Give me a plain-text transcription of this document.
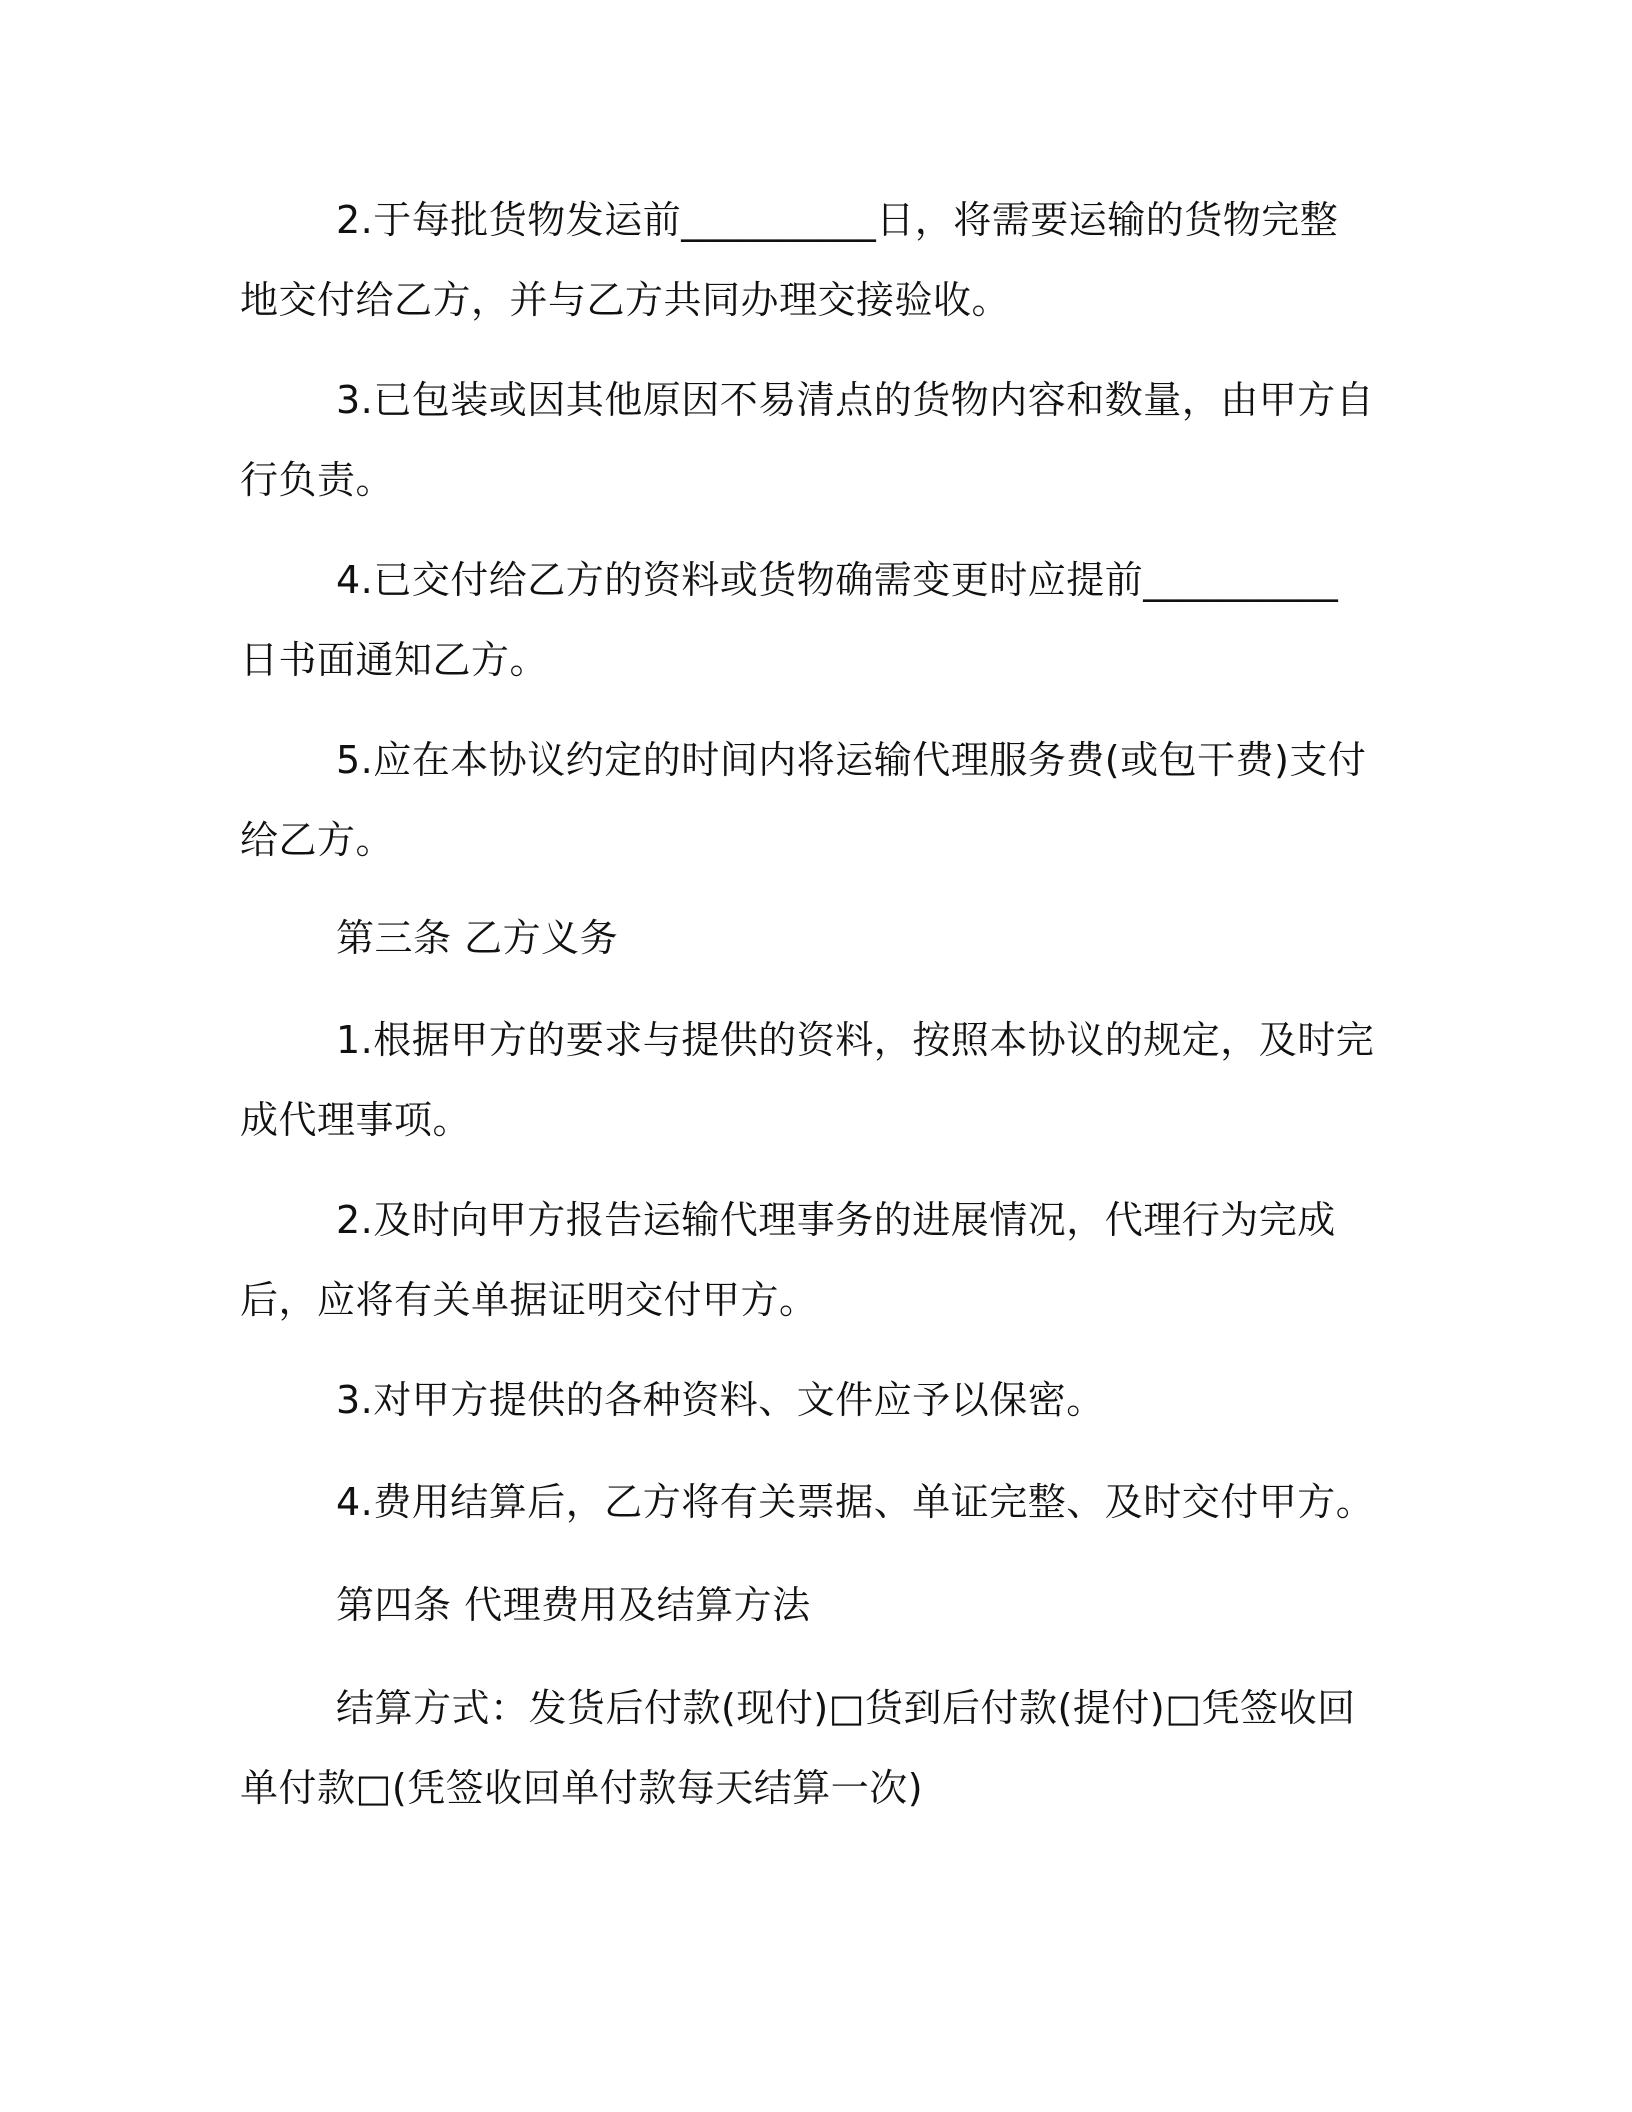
2.于每批货物发运前__________日，将需要运输的货物完整地交付给乙方，并与乙方共同办理交接验收。

3.已包装或因其他原因不易清点的货物内容和数量，由甲方自行负责。

4.已交付给乙方的资料或货物确需变更时应提前__________日书面通知乙方。

5.应在本协议约定的时间内将运输代理服务费(或包干费)支付给乙方。

第三条 乙方义务

1.根据甲方的要求与提供的资料，按照本协议的规定，及时完成代理事项。

2.及时向甲方报告运输代理事务的进展情况，代理行为完成后，应将有关单据证明交付甲方。

3.对甲方提供的各种资料、文件应予以保密。

4.费用结算后，乙方将有关票据、单证完整、及时交付甲方。

第四条 代理费用及结算方法

结算方式：发货后付款(现付)□货到后付款(提付)□凭签收回单付款□(凭签收回单付款每天结算一次)
